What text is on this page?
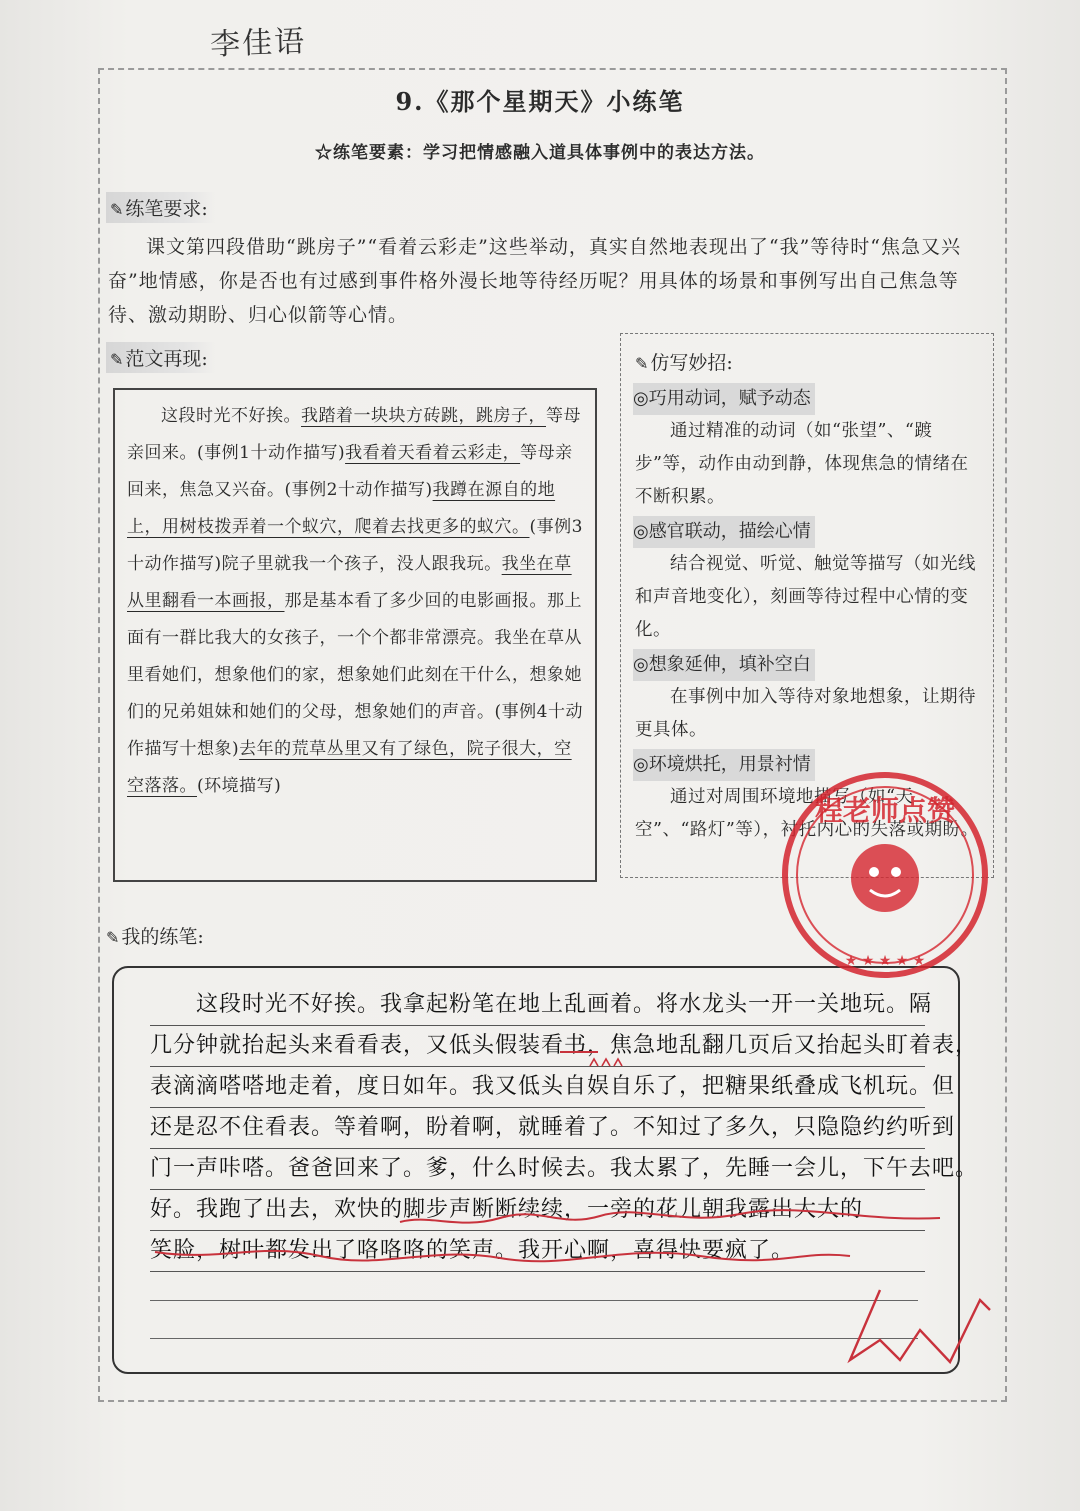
李佳语
9.《那个星期天》小练笔
☆练笔要素：学习把情感融入道具体事例中的表达方法。
✎ 练笔要求:
课文第四段借助“跳房子”“看着云彩走”这些举动，真实自然地表现出了“我”等待时“焦急又兴奋”地情感，你是否也有过感到事件格外漫长地等待经历呢？用具体的场景和事例写出自己焦急等待、激动期盼、归心似箭等心情。
✎ 范文再现:
这段时光不好挨。我踏着一块块方砖跳，跳房子，等母亲回来。(事例1十动作描写)我看着天看着云彩走，等母亲回来，焦急又兴奋。(事例2十动作描写)我蹲在源自的地上，用树枝拨弄着一个蚁穴，爬着去找更多的蚁穴。(事例3十动作描写)院子里就我一个孩子，没人跟我玩。我坐在草从里翻看一本画报，那是基本看了多少回的电影画报。那上面有一群比我大的女孩子，一个个都非常漂亮。我坐在草从里看她们，想象他们的家，想象她们此刻在干什么，想象她们的兄弟姐妹和她们的父母，想象她们的声音。(事例4十动作描写十想象)去年的荒草丛里又有了绿色，院子很大，空空落落。(环境描写)
✎ 仿写妙招:
◎巧用动词，赋予动态
通过精准的动词（如“张望”、“踱步”等，动作由动到静，体现焦急的情绪在不断积累。
◎感官联动，描绘心情
结合视觉、听觉、触觉等描写（如光线和声音地变化），刻画等待过程中心情的变化。
◎想象延伸，填补空白
在事例中加入等待对象地想象，让期待更具体。
◎环境烘托，用景衬情
通过对周围环境地描写（如“天空”、“路灯”等），衬托内心的失落或期盼。
✎ 我的练笔:
　　这段时光不好挨。我拿起粉笔在地上乱画着。将水龙头一开一关地玩。隔
几分钟就抬起头来看看表，又低头假装看书，焦急地乱翻几页后又抬起头盯着表，
表滴滴嗒嗒地走着，度日如年。我又低头自娱自乐了，把糖果纸叠成飞机玩。但
还是忍不住看表。等着啊，盼着啊，就睡着了。不知过了多久，只隐隐约约听到
门一声咔嗒。爸爸回来了。爹，什么时候去。我太累了，先睡一会儿，下午去吧。
好。我跑了出去，欢快的脚步声断断续续，一旁的花儿朝我露出大大的
笑脸，树叶都发出了咯咯咯的笑声。我开心啊，喜得快要疯了。
★ ★ ★ ★ ★
程老师点赞
